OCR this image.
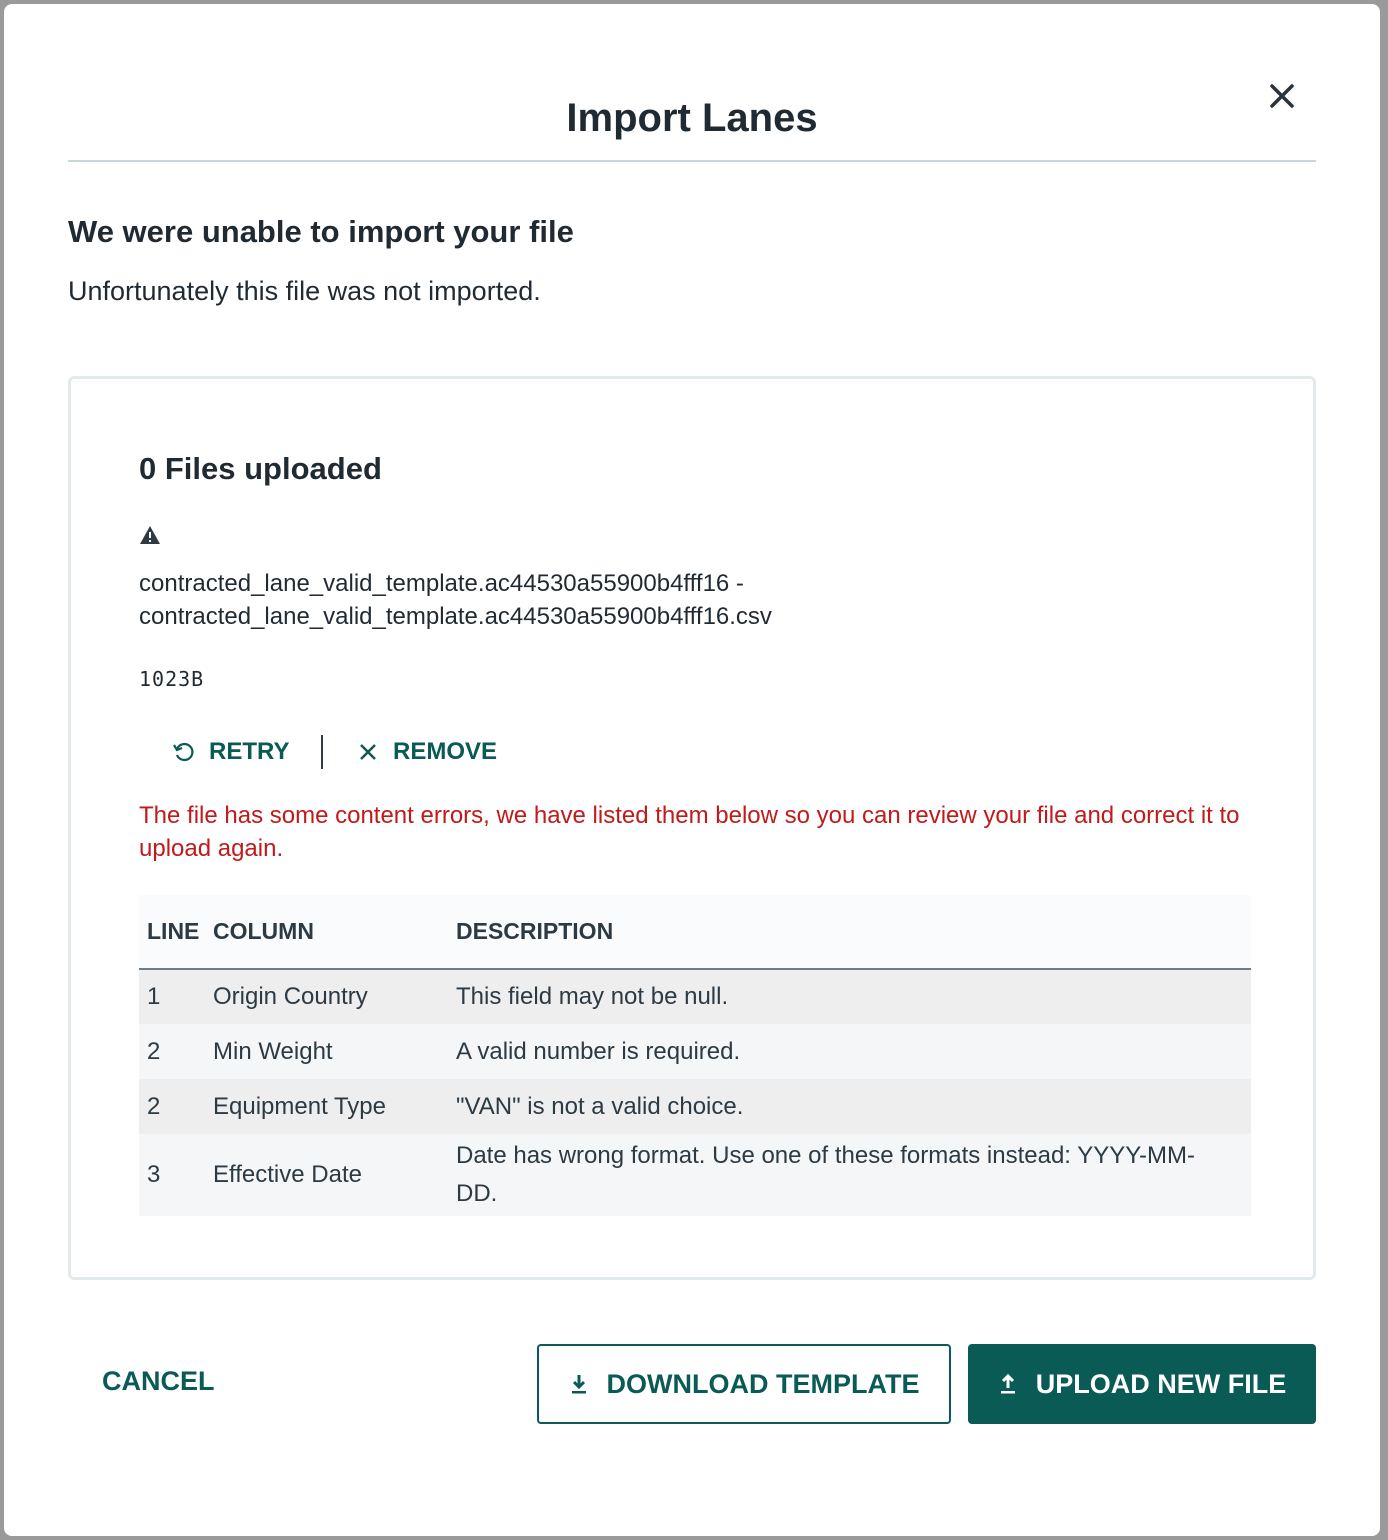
Import Lanes
We were unable to import your file
Unfortunately this file was not imported.
0 Files uploaded
contracted_lane_valid_template.ac44530a55900b4fff16 -
contracted_lane_valid_template.ac44530a55900b4fff16.csv
1023B
RETRY	REMOVE
The file has some content errors, we have listed them below so you can review your file and correct it to upload again.
LINE	COLUMN	DESCRIPTION
1	Origin Country	This field may not be null.
2	Min Weight	A valid number is required.
2	Equipment Type	"VAN" is not a valid choice.
3	Effective Date	Date has wrong format. Use one of these formats instead: YYYY-MM-DD.
CANCEL	DOWNLOAD TEMPLATE	UPLOAD NEW FILE
